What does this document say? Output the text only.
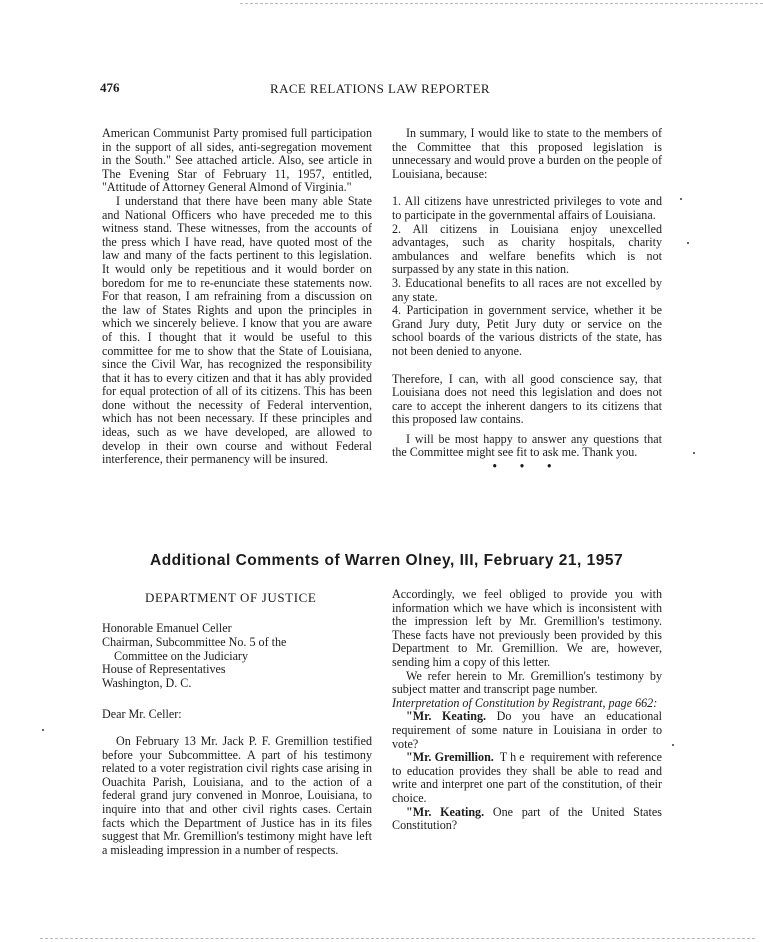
476	RACE RELATIONS LAW REPORTER

American Communist Party promised full participation in the support of all sides, anti-segregation movement in the South." See attached article. Also, see article in The Evening Star of February 11, 1957, entitled, "Attitude of Attorney General Almond of Virginia."

I understand that there have been many able State and National Officers who have preceded me to this witness stand. These witnesses, from the accounts of the press which I have read, have quoted most of the law and many of the facts pertinent to this legislation. It would only be repetitious and it would border on boredom for me to re-enunciate these statements now. For that reason, I am refraining from a discussion on the law of States Rights and upon the principles in which we sincerely believe. I know that you are aware of this. I thought that it would be useful to this committee for me to show that the State of Louisiana, since the Civil War, has recognized the responsibility that it has to every citizen and that it has ably provided for equal protection of all of its citizens. This has been done without the necessity of Federal intervention, which has not been necessary. If these principles and ideas, such as we have developed, are allowed to develop in their own course and without Federal interference, their permanency will be insured.

In summary, I would like to state to the members of the Committee that this proposed legislation is unnecessary and would prove a burden on the people of Louisiana, because:

1. All citizens have unrestricted privileges to vote and to participate in the governmental affairs of Louisiana.

2. All citizens in Louisiana enjoy unexcelled advantages, such as charity hospitals, charity ambulances and welfare benefits which is not surpassed by any state in this nation.

3. Educational benefits to all races are not excelled by any state.

4. Participation in government service, whether it be Grand Jury duty, Petit Jury duty or service on the school boards of the various districts of the state, has not been denied to anyone.

Therefore, I can, with all good conscience say, that Louisiana does not need this legislation and does not care to accept the inherent dangers to its citizens that this proposed law contains.

I will be most happy to answer any questions that the Committee might see fit to ask me. Thank you.

• • •

Additional Comments of Warren Olney, III, February 21, 1957
DEPARTMENT OF JUSTICE
Honorable Emanuel Celler
Chairman, Subcommittee No. 5 of the
Committee on the Judiciary
House of Representatives
Washington, D. C.
Dear Mr. Celler:

On February 13 Mr. Jack P. F. Gremillion testified before your Subcommittee. A part of his testimony related to a voter registration civil rights case arising in Ouachita Parish, Louisiana, and to the action of a federal grand jury convened in Monroe, Louisiana, to inquire into that and other civil rights cases. Certain facts which the Department of Justice has in its files suggest that Mr. Gremillion's testimony might have left a misleading impression in a number of respects.

Accordingly, we feel obliged to provide you with information which we have which is inconsistent with the impression left by Mr. Gremillion's testimony. These facts have not previously been provided by this Department to Mr. Gremillion. We are, however, sending him a copy of this letter.

We refer herein to Mr. Gremillion's testimony by subject matter and transcript page number.

Interpretation of Constitution by Registrant, page 662:

"Mr. Keating. Do you have an educational requirement of some nature in Louisiana in order to vote?

"Mr. Gremillion. The requirement with reference to education provides they shall be able to read and write and interpret one part of the constitution, of their choice.

"Mr. Keating. One part of the United States Constitution?
